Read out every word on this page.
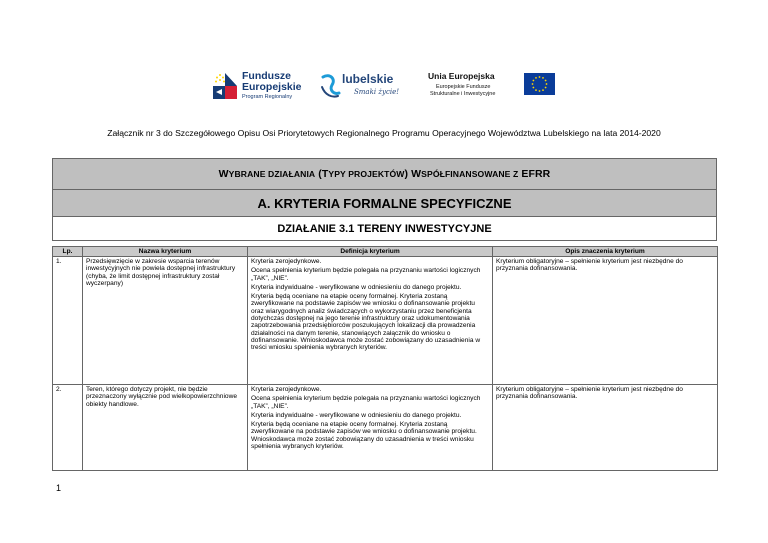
Fundusze
Europejskie
Program Regionalny
lubelskie
Smaki życie!
Unia Europejska
Europejskie Fundusze
Strukturalne i Inwestycyjne
Załącznik nr 3 do Szczegółowego Opisu Osi Priorytetowych Regionalnego Programu Operacyjnego Województwa Lubelskiego na lata 2014-2020
WYBRANE DZIAŁANIA (TYPY PROJEKTÓW) WSPÓŁFINANSOWANE Z EFRR
A. KRYTERIA FORMALNE SPECYFICZNE
DZIAŁANIE 3.1 TERENY INWESTYCYJNE
Lp.	Nazwa kryterium	Definicja kryterium	Opis znaczenia kryterium
1.	Przedsięwzięcie w zakresie wsparcia terenów inwestycyjnych nie powiela dostępnej infrastruktury (chyba, że limit dostępnej infrastruktury został wyczerpany)	Kryteria zerojedynkowe.

Ocena spełnienia kryterium będzie polegała na przyznaniu wartości logicznych „TAK”, „NIE”.

Kryteria indywidualne - weryfikowane w odniesieniu do danego projektu.

Kryteria będą oceniane na etapie oceny formalnej. Kryteria zostaną zweryfikowane na podstawie zapisów we wniosku o dofinansowanie projektu oraz wiarygodnych analiz świadczących o wykorzystaniu przez beneficjenta dotychczas dostępnej na jego terenie infrastruktury oraz udokumentowania zapotrzebowania przedsiębiorców poszukujących lokalizacji dla prowadzenia działalności na danym terenie, stanowiących załącznik do wniosku o dofinansowanie. Wnioskodawca może zostać zobowiązany do uzasadnienia w treści wniosku spełnienia wybranych kryteriów.	Kryterium obligatoryjne – spełnienie kryterium jest niezbędne do przyznania dofinansowania.
2.	Teren, którego dotyczy projekt, nie będzie przeznaczony wyłącznie pod wielkopowierzchniowe obiekty handlowe.	Kryteria zerojedynkowe.

Ocena spełnienia kryterium będzie polegała na przyznaniu wartości logicznych „TAK”, „NIE”.

Kryteria indywidualne - weryfikowane w odniesieniu do danego projektu.

Kryteria będą oceniane na etapie oceny formalnej. Kryteria zostaną zweryfikowane na podstawie zapisów we wniosku o dofinansowanie projektu. Wnioskodawca może zostać zobowiązany do uzasadnienia w treści wniosku spełnienia wybranych kryteriów.	Kryterium obligatoryjne – spełnienie kryterium jest niezbędne do przyznania dofinansowania.
1
